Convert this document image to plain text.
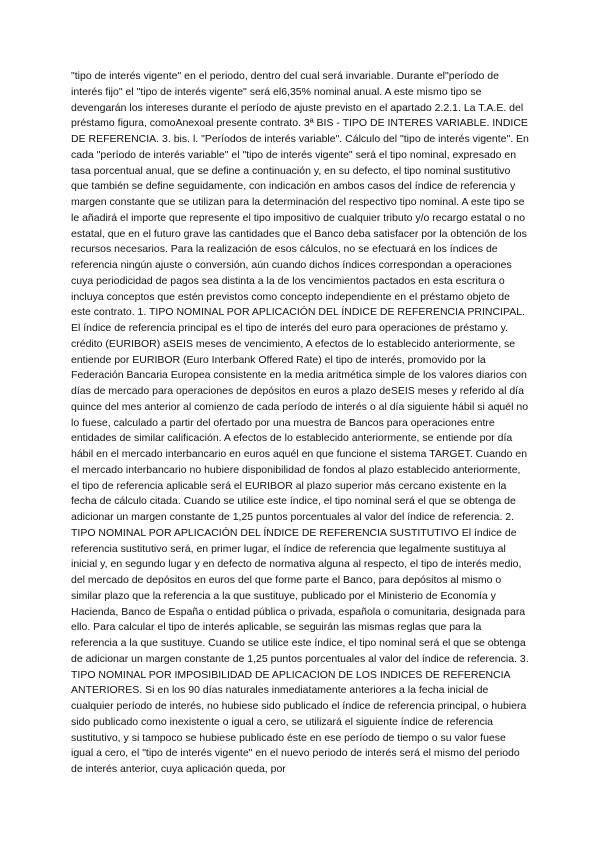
"tipo de interés vigente" en el periodo, dentro del cual será invariable. Durante el"período de interés fijo" el "tipo de interés vigente" será el6,35% nominal anual. A este mismo tipo se devengarán los intereses durante el período de ajuste previsto en el apartado 2.2.1. La T.A.E. del préstamo figura, comoAnexoal presente contrato. 3ª BIS - TIPO DE INTERES VARIABLE. INDICE DE REFERENCIA. 3. bis. l. "Períodos de interés variable". Cálculo del "tipo de interés vigente". En cada "período de interés variable" el "tipo de interés vigente" será el tipo nominal, expresado en tasa porcentual anual, que se define a continuación y, en su defecto, el tipo nominal sustitutivo que también se define seguidamente, con indicación en ambos casos del índice de referencia y margen constante que se utilizan para la determinación del respectivo tipo nominal. A este tipo se le añadirá el importe que represente el tipo impositivo de cualquier tributo y/o recargo estatal o no estatal, que en el futuro grave las cantidades que el Banco deba satisfacer por la obtención de los recursos necesarios. Para la realización de esos cálculos, no se efectuará en los índices de referencia ningún ajuste o conversión, aún cuando dichos índices correspondan a operaciones cuya periodicidad de pagos sea distinta a la de los vencimientos pactados en esta escritura o incluya conceptos que estén previstos como concepto independiente en el préstamo objeto de este contrato. 1. TIPO NOMINAL POR APLICACIÓN DEL ÍNDICE DE REFERENCIA PRINCIPAL. El índice de referencia principal es el tipo de interés del euro para operaciones de préstamo y. crédito (EURIBOR) aSEIS meses de vencimiento, A efectos de lo establecido anteriormente, se entiende por EURIBOR (Euro Interbank Offered Rate) el tipo de interés, promovido por la Federación Bancaria Europea consistente en la media aritmética simple de los valores diarios con días de mercado para operaciones de depósitos en euros a plazo deSEIS meses y referido al día quince del mes anterior al comienzo de cada período de interés o al día siguiente hábil si aquél no lo fuese, calculado a partir del ofertado por una muestra de Bancos para operaciones entre entidades de similar calificación. A efectos de lo establecido anteriormente, se entiende por día hábil en el mercado interbancario en euros aquél en que funcione el sistema TARGET. Cuando en el mercado interbancario no hubiere disponibilidad de fondos al plazo establecido anteriormente, el tipo de referencia aplicable será el EURIBOR al plazo superior más cercano existente en la fecha de cálculo citada. Cuando se utilice este índice, el tipo nominal será el que se obtenga de adicionar un margen constante de 1,25 puntos porcentuales al valor del índice de referencia. 2. TIPO NOMINAL POR APLICACIÓN DEL ÍNDICE DE REFERENCIA SUSTITUTIVO El índice de referencia sustitutivo será, en primer lugar, el índice de referencia que legalmente sustituya al inicial y, en segundo lugar y en defecto de normativa alguna al respecto, el tipo de interés medio, del mercado de depósitos en euros del que forme parte el Banco, para depósitos al mismo o similar plazo que la referencia a la que sustituye, publicado por el Ministerio de Economía y Hacienda, Banco de España o entidad pública o privada, española o comunitaria, designada para ello. Para calcular el tipo de interés aplicable, se seguirán las mismas reglas que para la referencia a la que sustituye. Cuando se utilice este índice, el tipo nominal será el que se obtenga de adicionar un margen constante de 1,25 puntos porcentuales al valor del índice de referencia. 3. TIPO NOMINAL POR IMPOSIBILIDAD DE APLICACION DE LOS INDICES DE REFERENCIA ANTERIORES. Si en los 90 días naturales inmediatamente anteriores a la fecha inicial de cualquier período de interés, no hubiese sido publicado el índice de referencia principal, o hubiera sido publicado como inexistente o igual a cero, se utilizará el siguiente índice de referencia sustitutivo, y si tampoco se hubiese publicado éste en ese período de tiempo o su valor fuese igual a cero, el "tipo de interés vigente" en el nuevo periodo de interés será el mismo del periodo de interés anterior, cuya aplicación queda, por
